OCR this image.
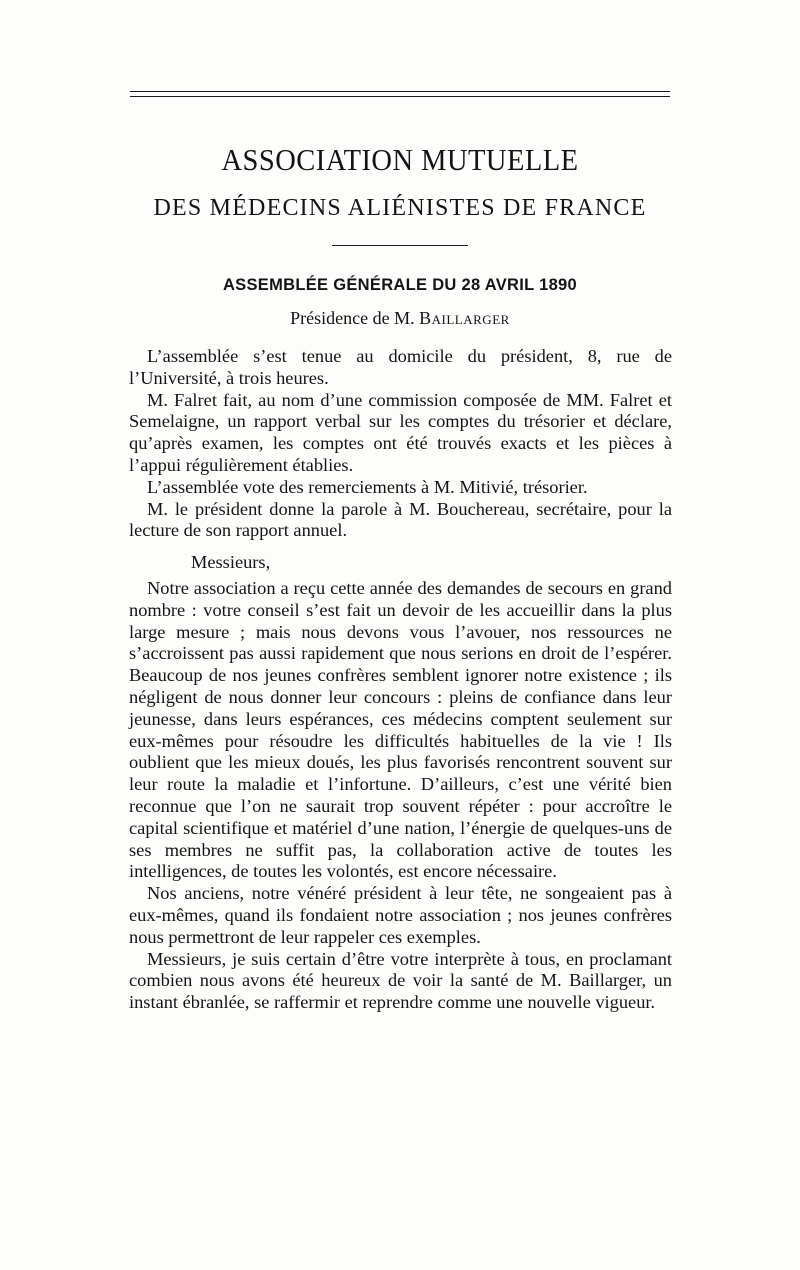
ASSOCIATION MUTUELLE
DES MÉDECINS ALIÉNISTES DE FRANCE
ASSEMBLÉE GÉNÉRALE DU 28 AVRIL 1890
Présidence de M. Baillarger

L’assemblée s’est tenue au domicile du président, 8, rue de l’Université, à trois heures.

M. Falret fait, au nom d’une commission composée de MM. Falret et Semelaigne, un rapport verbal sur les comptes du trésorier et déclare, qu’après examen, les comptes ont été trouvés exacts et les pièces à l’appui régulièrement établies.

L’assemblée vote des remerciements à M. Mitivié, trésorier.

M. le président donne la parole à M. Bouchereau, secrétaire, pour la lecture de son rapport annuel.

Messieurs,

Notre association a reçu cette année des demandes de secours en grand nombre : votre conseil s’est fait un devoir de les accueillir dans la plus large mesure ; mais nous devons vous l’avouer, nos ressources ne s’accroissent pas aussi rapidement que nous serions en droit de l’espérer. Beaucoup de nos jeunes confrères semblent ignorer notre existence ; ils négligent de nous donner leur concours : pleins de confiance dans leur jeunesse, dans leurs espérances, ces médecins comptent seulement sur eux-mêmes pour résoudre les difficultés habituelles de la vie ! Ils oublient que les mieux doués, les plus favorisés rencontrent souvent sur leur route la maladie et l’infortune. D’ailleurs, c’est une vérité bien reconnue que l’on ne saurait trop souvent répéter : pour accroître le capital scientifique et matériel d’une nation, l’énergie de quelques-uns de ses membres ne suffit pas, la collaboration active de toutes les intelligences, de toutes les volontés, est encore nécessaire.

Nos anciens, notre vénéré président à leur tête, ne songeaient pas à eux-mêmes, quand ils fondaient notre association ; nos jeunes confrères nous permettront de leur rappeler ces exemples.

Messieurs, je suis certain d’être votre interprète à tous, en proclamant combien nous avons été heureux de voir la santé de M. Baillarger, un instant ébranlée, se raffermir et reprendre comme une nouvelle vigueur.
